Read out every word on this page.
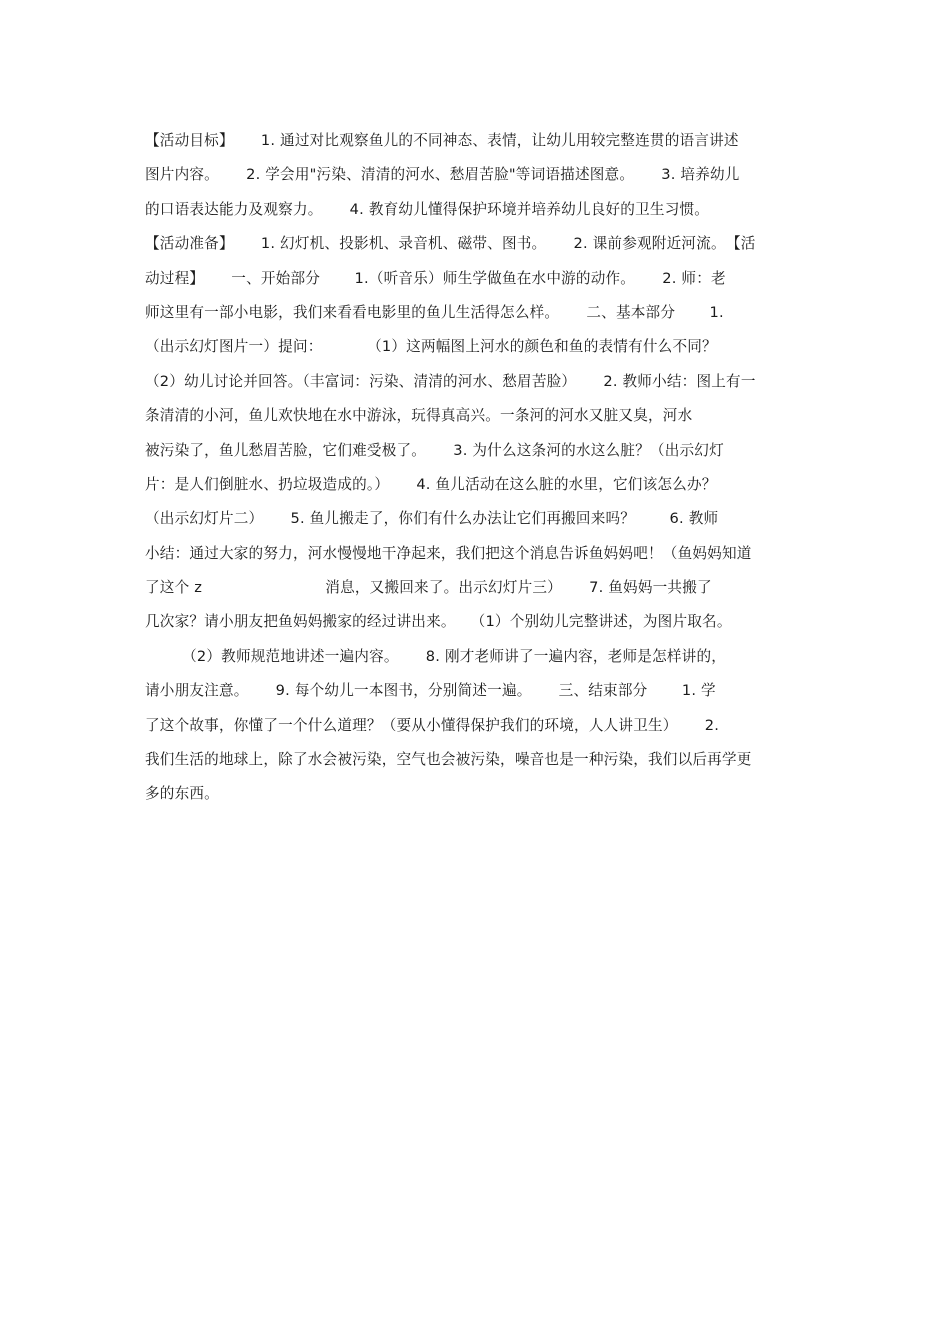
【活动目标】　　 1. 通过对比观察鱼儿的不同神态、表情，让幼儿用较完整连贯的语言讲述
图片内容。　　 2. 学会用"污染、清清的河水、愁眉苦脸"等词语描述图意。　　 3. 培养幼儿
的口语表达能力及观察力。　　 4. 教育幼儿懂得保护环境并培养幼儿良好的卫生习惯。
【活动准备】　　 1. 幻灯机、投影机、录音机、磁带、图书。　　 2. 课前参观附近河流。　【活
动过程】　　 一、开始部分　　 1.（听音乐）师生学做鱼在水中游的动作。　　 2. 师：老
师这里有一部小电影，我们来看看电影里的鱼儿生活得怎么样。　　 二、基本部分　　 1.
（出示幻灯图片一）提问：　　　　（1）这两幅图上河水的颜色和鱼的表情有什么不同？
（2）幼儿讨论并回答。（丰富词：污染、清清的河水、愁眉苦脸）　　 2. 教师小结：图上有一
条清清的小河，鱼儿欢快地在水中游泳，玩得真高兴。一条河的河水又脏又臭，河水
被污染了，鱼儿愁眉苦脸，它们难受极了。　　 3. 为什么这条河的水这么脏？（出示幻灯
片：是人们倒脏水、扔垃圾造成的。）　　 4. 鱼儿活动在这么脏的水里，它们该怎么办？
（出示幻灯片二）　　 5. 鱼儿搬走了，你们有什么办法让它们再搬回来吗？　　 6. 教师
小结：通过大家的努力，河水慢慢地干净起来，我们把这个消息告诉鱼妈妈吧！（鱼妈妈知道
了这个 z　　　　　　　　 消息，又搬回来了。出示幻灯片三）　　 7. 鱼妈妈一共搬了
几次家？请小朋友把鱼妈妈搬家的经过讲出来。　　（1）个别幼儿完整讲述，为图片取名。
　　　（2）教师规范地讲述一遍内容。　　 8. 刚才老师讲了一遍内容，老师是怎样讲的，
请小朋友注意。　　 9. 每个幼儿一本图书，分别简述一遍。　　 三、结束部分　　 1. 学
了这个故事，你懂了一个什么道理？（要从小懂得保护我们的环境，人人讲卫生）　　 2.
我们生活的地球上，除了水会被污染，空气也会被污染，噪音也是一种污染，我们以后再学更
多的东西。
